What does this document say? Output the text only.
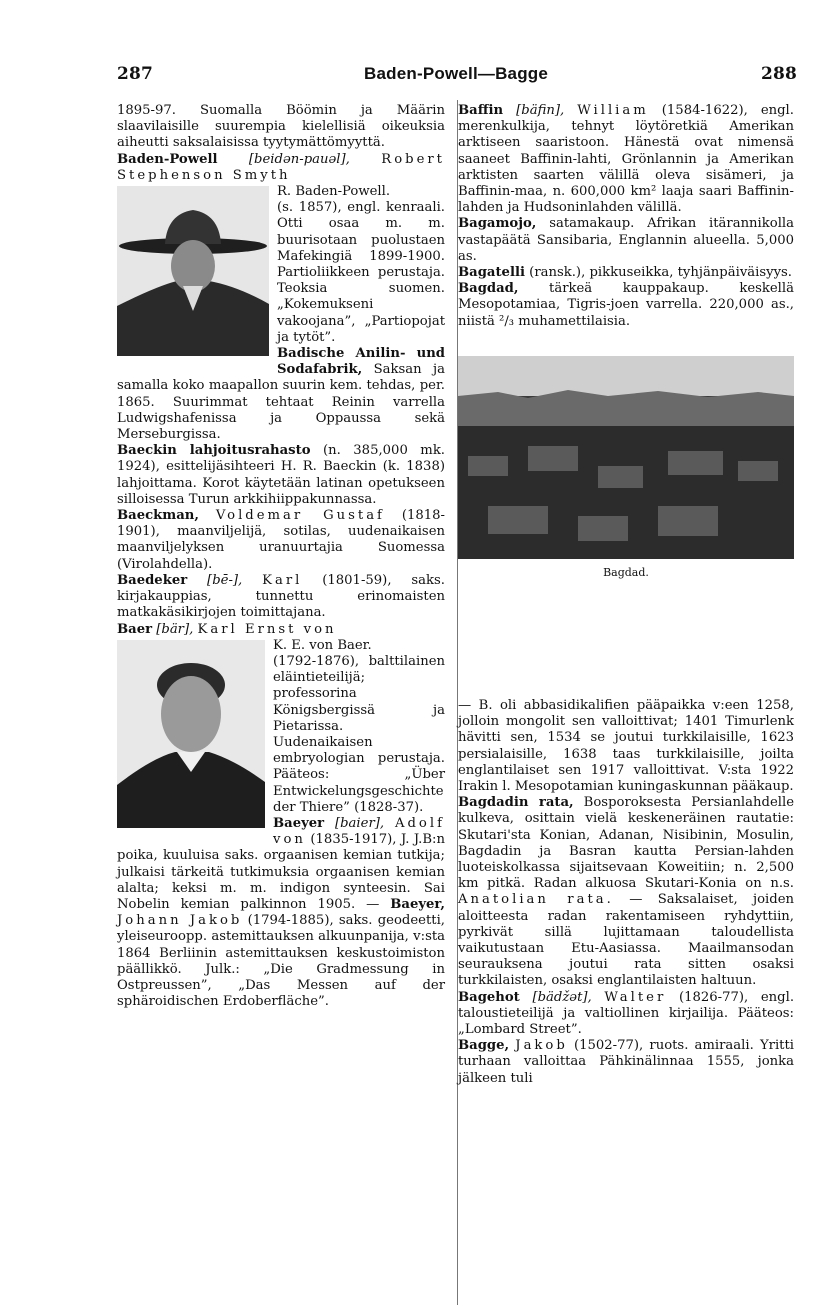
287	Baden-Powell—Bagge	288

1895-97. Suomalla Böömin ja Määrin slaavilaisille suurempia kielellisiä oikeuksia aiheutti saksalaisissa tyytymättömyyttä.

Baden-Powell [beidən-pauəl], Robert Stephenson Smyth

R. Baden-Powell.
(s. 1857), engl. kenraali. Otti osaa m. m. buurisotaan puolustaen Mafekingiä 1899-1900. Partioliikkeen perustaja. Teoksia suomen. „Kokemukseni vakoojana”, „Partiopojat ja tytöt”.

Badische Anilin- und Sodafabrik, Saksan ja samalla koko maapallon suurin kem. tehdas, per. 1865. Suurimmat tehtaat Reinin varrella Ludwigshafenissa ja Oppaussa sekä Merseburgissa.

Baeckin lahjoitusrahasto (n. 385,000 mk. 1924), esittelijäsihteeri H. R. Baeckin (k. 1838) lahjoittama. Korot käytetään latinan opetukseen silloisessa Turun arkkihiippakunnassa.

Baeckman, Voldemar Gustaf (1818-1901), maanviljelijä, sotilas, uudenaikaisen maanviljelyksen uranuurtajia Suomessa (Virolahdella).

Baedeker [bē-], Karl (1801-59), saks. kirjakauppias, tunnettu erinomaisten matkakäsikirjojen toimittajana.

Baer [bär], Karl Ernst von

K. E. von Baer.
(1792-1876), balttilainen eläintieteilijä; professorina Königsbergissä ja Pietarissa. Uudenaikaisen embryologian perustaja. Pääteos: „Über Entwickelungsgeschichte der Thiere” (1828-37).

Baeyer [baier], Adolf von (1835-1917), J. J.B:n poika, kuuluisa saks. orgaanisen kemian tutkija; julkaisi tärkeitä tutkimuksia orgaanisen kemian alalta; keksi m. m. indigon synteesin. Sai Nobelin kemian palkinnon 1905. — Baeyer, Johann Jakob (1794-1885), saks. geodeetti, yleiseuroopp. astemittauksen alkuunpanija, v:sta 1864 Berliinin astemittauksen keskustoimiston päällikkö. Julk.: „Die Gradmessung in Ostpreussen”, „Das Messen auf der sphäroidischen Erdoberfläche”.

Baffin [bäfin], William (1584-1622), engl. merenkulkija, tehnyt löytöretkiä Amerikan arktiseen saaristoon. Hänestä ovat nimensä saaneet Baffinin-lahti, Grönlannin ja Amerikan arktisten saarten välillä oleva sisämeri, ja Baffinin-maa, n. 600,000 km² laaja saari Baffinin-lahden ja Hudsoninlahden välillä.

Bagamojo, satamakaup. Afrikan itärannikolla vastapäätä Sansibaria, Englannin alueella. 5,000 as.

Bagatelli (ransk.), pikkuseikka, tyhjänpäiväisyys.

Bagdad, tärkeä kauppakaup. keskellä Mesopotamiaa, Tigris-joen varrella. 220,000 as., niistä ²/₃ muhamettilaisia.

Bagdad.

— B. oli abbasidikalifien pääpaikka v:een 1258, jolloin mongolit sen valloittivat; 1401 Timurlenk hävitti sen, 1534 se joutui turkkilaisille, 1623 persialaisille, 1638 taas turkkilaisille, joilta englantilaiset sen 1917 valloittivat. V:sta 1922 Irakin l. Mesopotamian kuningaskunnan pääkaup.

Bagdadin rata, Bosporoksesta Persianlahdelle kulkeva, osittain vielä keskeneräinen rautatie: Skutari'sta Konian, Adanan, Nisibinin, Mosulin, Bagdadin ja Basran kautta Persian-lahden luoteiskolkassa sijaitsevaan Koweitiin; n. 2,500 km pitkä. Radan alkuosa Skutari-Konia on n.s. Anatolian rata. — Saksalaiset, joiden aloitteesta radan rakentamiseen ryhdyttiin, pyrkivät sillä lujittamaan taloudellista vaikutustaan Etu-Aasiassa. Maailmansodan seurauksena joutui rata sitten osaksi turkkilaisten, osaksi englantilaisten haltuun.

Bagehot [bädžət], Walter (1826-77), engl. taloustieteilijä ja valtiollinen kirjailija. Pääteos: „Lombard Street”.

Bagge, Jakob (1502-77), ruots. amiraali. Yritti turhaan valloittaa Pähkinälinnaa 1555, jonka jälkeen tuli
